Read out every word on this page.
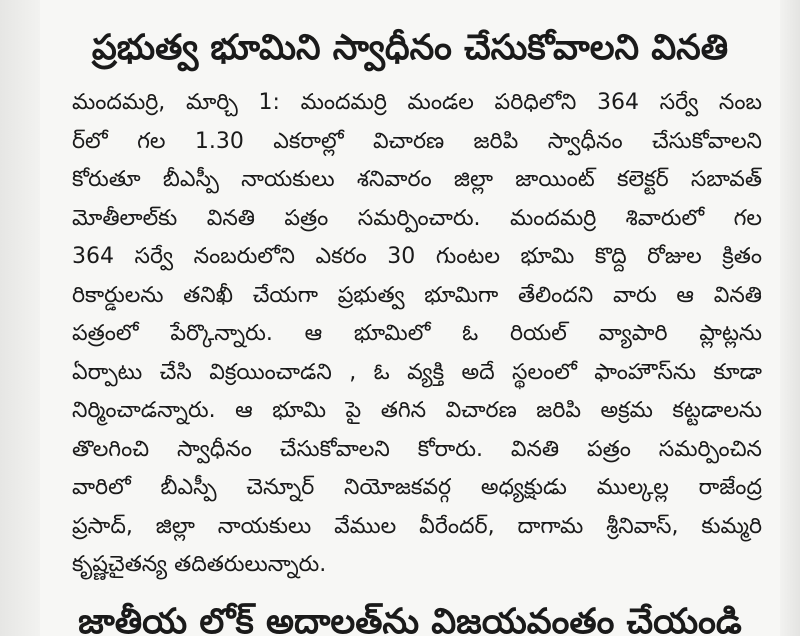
ప్రభుత్వ భూమిని స్వాధీనం చేసుకోవాలని వినతి
మందమర్రి, మార్చి 1: మందమర్రి మండల పరిధిలోని 364 సర్వే నంబ
ర్‌లో గల 1.30 ఎకరాల్లో విచారణ జరిపి స్వాధీనం చేసుకోవాలని
కోరుతూ బీఎస్పీ నాయకులు శనివారం జిల్లా జాయింట్ కలెక్టర్ సబావత్
మోతీలాల్‌కు వినతి పత్రం సమర్పించారు. మందమర్రి శివారులో గల
364 సర్వే నంబరులోని ఎకరం 30 గుంటల భూమి కొద్ది రోజుల క్రితం
రికార్డులను తనిఖీ చేయగా ప్రభుత్వ భూమిగా తేలిందని వారు ఆ వినతి
పత్రంలో పేర్కొన్నారు. ఆ భూమిలో ఓ రియల్ వ్యాపారి ప్లాట్లను
ఏర్పాటు చేసి విక్రయించాడని , ఓ వ్యక్తి అదే స్థలంలో ఫాంహౌస్‌ను కూడా
నిర్మించాడన్నారు. ఆ భూమి పై తగిన విచారణ జరిపి అక్రమ కట్టడాలను
తొలగించి స్వాధీనం చేసుకోవాలని కోరారు. వినతి పత్రం సమర్పించిన
వారిలో బీఎస్పీ చెన్నూర్ నియోజకవర్గ అధ్యక్షుడు ముల్కల్ల రాజేంద్ర
ప్రసాద్, జిల్లా నాయకులు వేముల వీరేందర్, దాగామ శ్రీనివాస్, కుమ్మరి
కృష్ణచైతన్య తదితరులున్నారు.
జాతీయ లోక్ అదాలత్‌ను విజయవంతం చేయండి
